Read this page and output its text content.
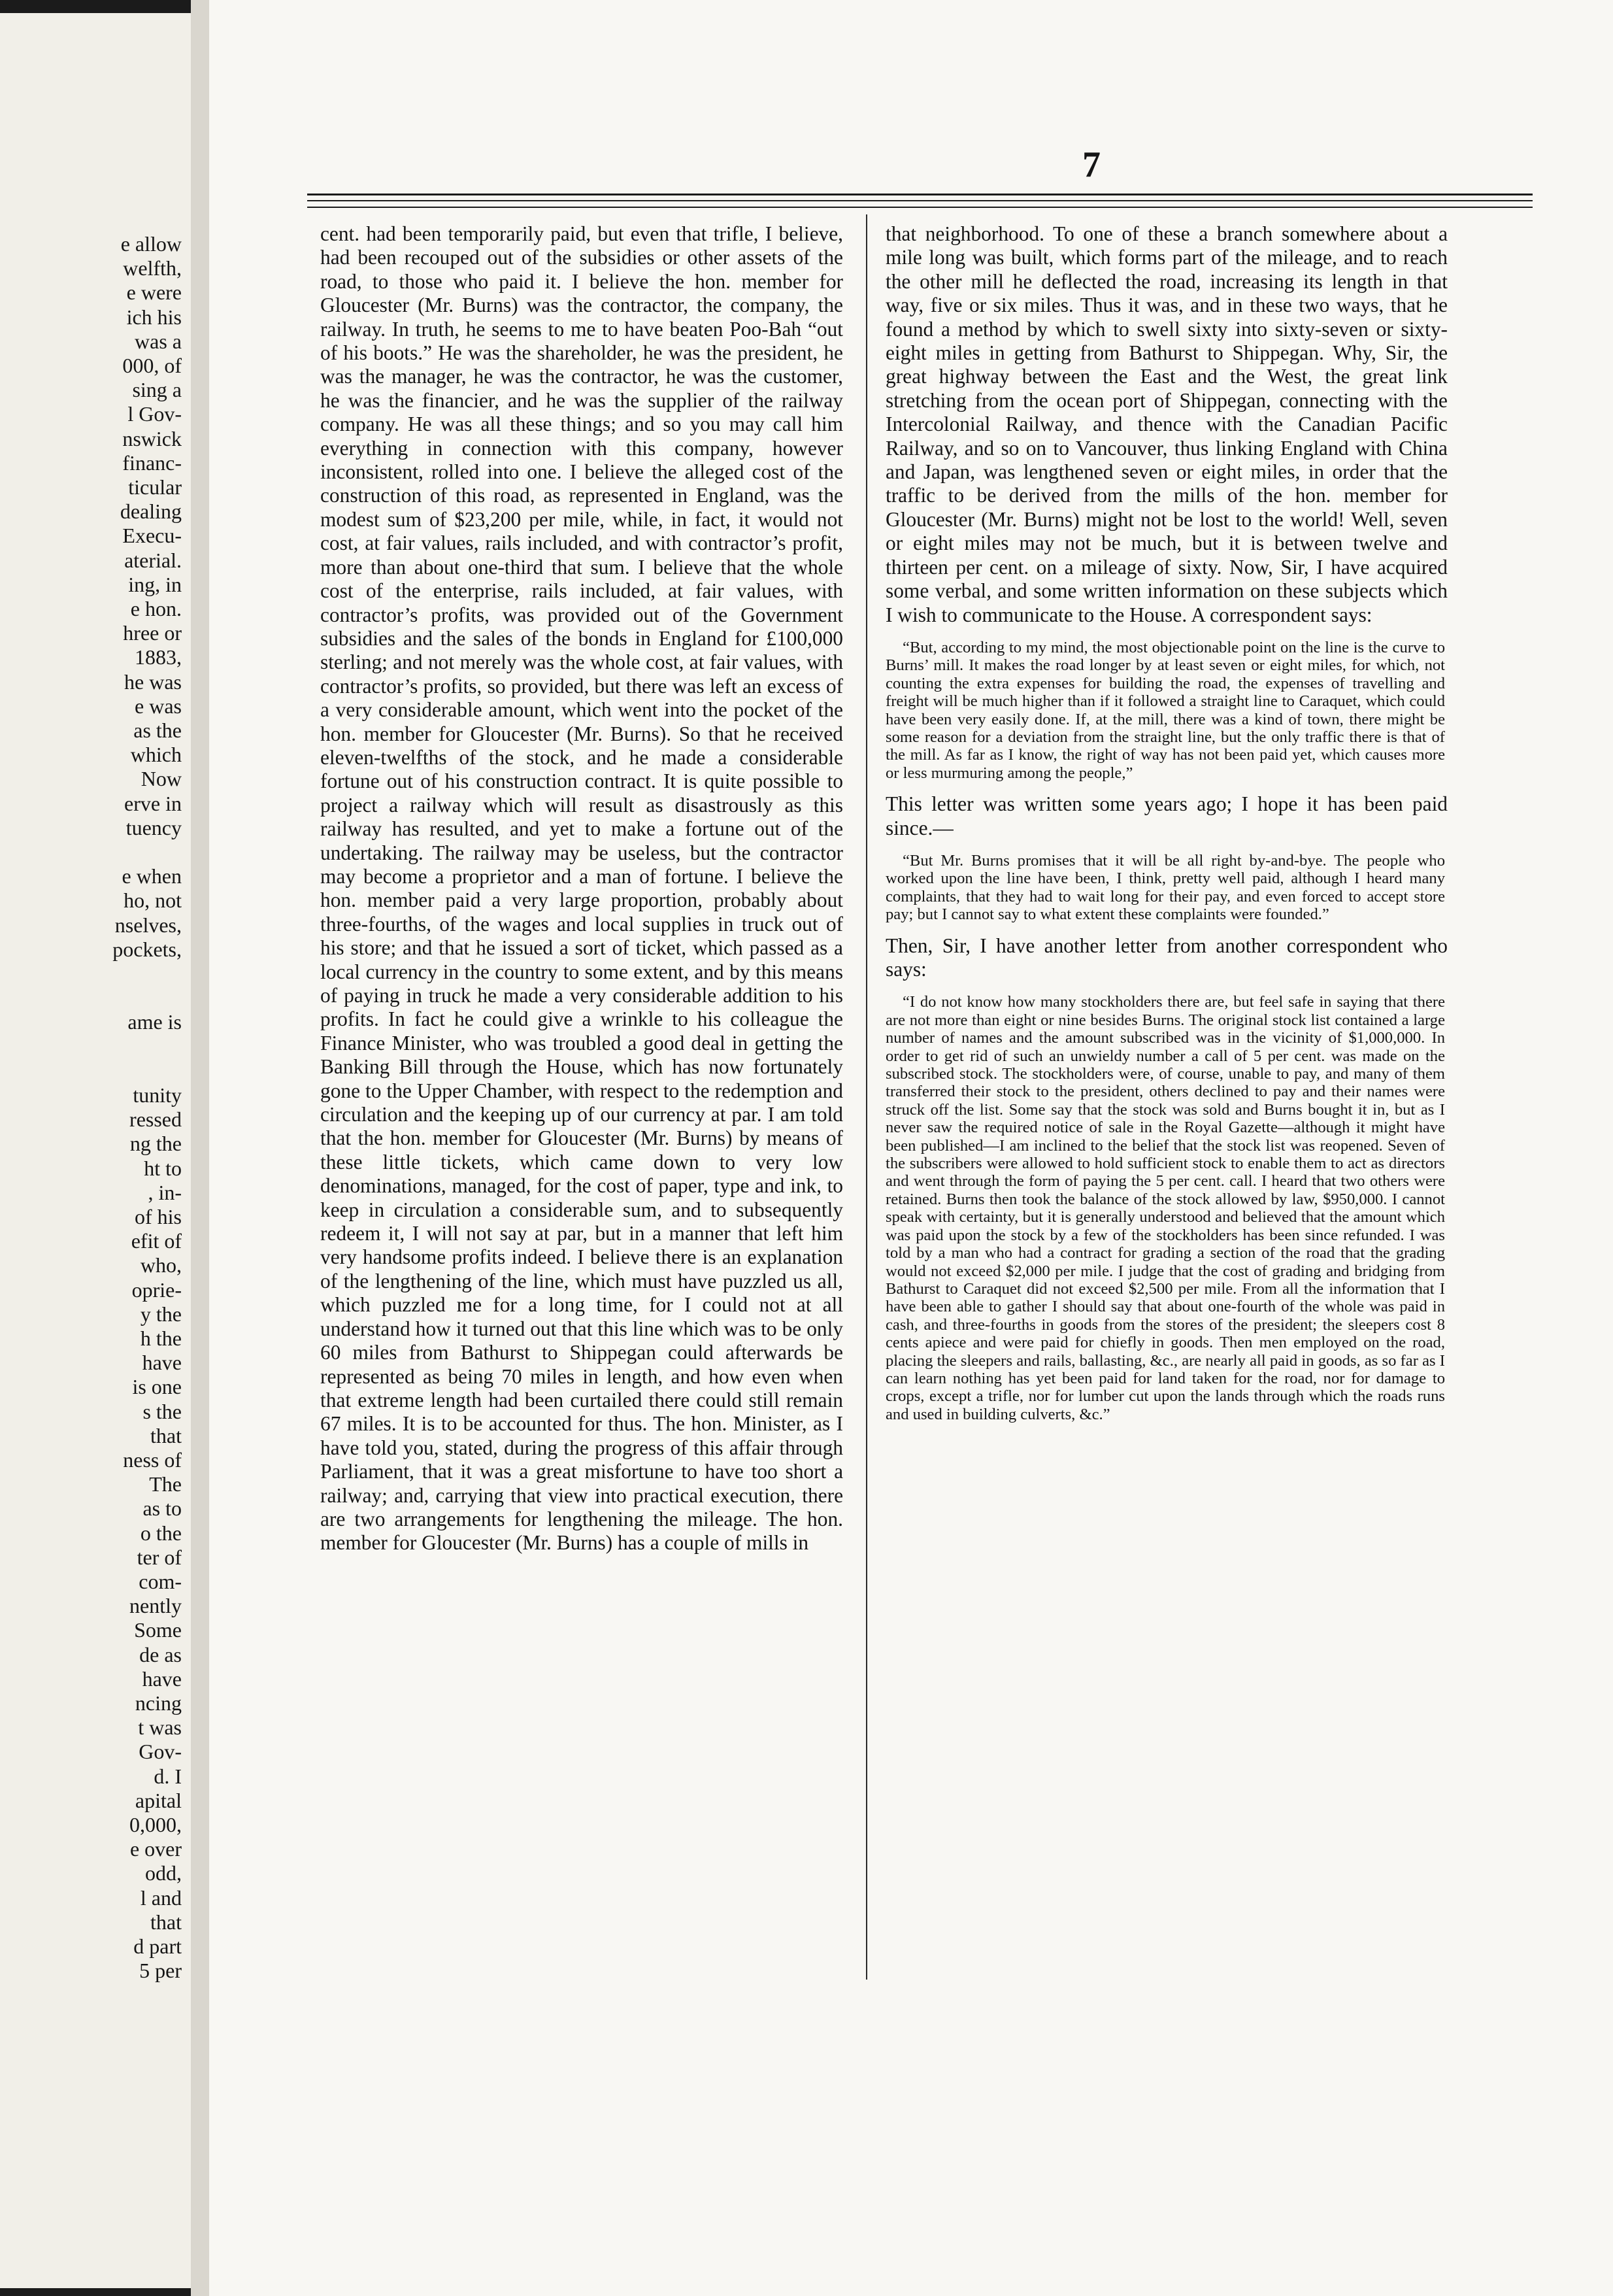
e allow
welfth,
e were
ich his
was a
000, of
sing a
l Gov-
nswick
financ-
ticular
dealing
Execu-
aterial.
ing, in
e hon.
hree or
1883,
he was
e was
as the
which
Now
erve in
tuency
e when
ho, not
nselves,
pockets,
ame is
tunity
ressed
ng the
ht to
, in-
of his
efit of
who,
oprie-
y the
h the
have
is one
s the
that
ness of
The
as to
o the
ter of
com-
nently
Some
de as
have
ncing
t was
Gov-
d. I
apital
0,000,
e over
odd,
l and
that
d part
5 per
7

cent. had been temporarily paid, but even that trifle, I believe, had been recouped out of the subsidies or other assets of the road, to those who paid it. I believe the hon. member for Gloucester (Mr. Burns) was the contractor, the company, the railway. In truth, he seems to me to have beaten Poo-Bah “out of his boots.” He was the shareholder, he was the president, he was the manager, he was the contractor, he was the customer, he was the financier, and he was the supplier of the railway company. He was all these things; and so you may call him everything in connection with this company, however inconsistent, rolled into one. I believe the alleged cost of the construction of this road, as represented in England, was the modest sum of $23,200 per mile, while, in fact, it would not cost, at fair values, rails included, and with contractor’s profit, more than about one-third that sum. I believe that the whole cost of the enterprise, rails included, at fair values, with contractor’s profits, was provided out of the Government subsidies and the sales of the bonds in England for £100,000 sterling; and not merely was the whole cost, at fair values, with contractor’s profits, so provided, but there was left an excess of a very considerable amount, which went into the pocket of the hon. member for Gloucester (Mr. Burns). So that he received eleven-twelfths of the stock, and he made a considerable fortune out of his construction contract. It is quite possible to project a railway which will result as disastrously as this railway has resulted, and yet to make a fortune out of the undertaking. The railway may be useless, but the contractor may become a proprietor and a man of fortune. I believe the hon. member paid a very large proportion, probably about three-fourths, of the wages and local supplies in truck out of his store; and that he issued a sort of ticket, which passed as a local currency in the country to some extent, and by this means of paying in truck he made a very considerable addition to his profits. In fact he could give a wrinkle to his colleague the Finance Minister, who was troubled a good deal in getting the Banking Bill through the House, which has now fortunately gone to the Upper Chamber, with respect to the redemption and circulation and the keeping up of our currency at par. I am told that the hon. member for Gloucester (Mr. Burns) by means of these little tickets, which came down to very low denominations, managed, for the cost of paper, type and ink, to keep in circulation a considerable sum, and to subsequently redeem it, I will not say at par, but in a manner that left him very handsome profits indeed. I believe there is an explanation of the lengthening of the line, which must have puzzled us all, which puzzled me for a long time, for I could not at all understand how it turned out that this line which was to be only 60 miles from Bathurst to Shippegan could afterwards be represented as being 70 miles in length, and how even when that extreme length had been curtailed there could still remain 67 miles. It is to be accounted for thus. The hon. Minister, as I have told you, stated, during the progress of this affair through Parliament, that it was a great misfortune to have too short a railway; and, carrying that view into practical execution, there are two arrangements for lengthening the mileage. The hon. member for Gloucester (Mr. Burns) has a couple of mills in

that neighborhood. To one of these a branch somewhere about a mile long was built, which forms part of the mileage, and to reach the other mill he deflected the road, increasing its length in that way, five or six miles. Thus it was, and in these two ways, that he found a method by which to swell sixty into sixty-seven or sixty-eight miles in getting from Bathurst to Shippegan. Why, Sir, the great highway between the East and the West, the great link stretching from the ocean port of Shippegan, connecting with the Intercolonial Railway, and thence with the Canadian Pacific Railway, and so on to Vancouver, thus linking England with China and Japan, was lengthened seven or eight miles, in order that the traffic to be derived from the mills of the hon. member for Gloucester (Mr. Burns) might not be lost to the world! Well, seven or eight miles may not be much, but it is between twelve and thirteen per cent. on a mileage of sixty. Now, Sir, I have acquired some verbal, and some written information on these subjects which I wish to communicate to the House. A correspondent says:

“But, according to my mind, the most objectionable point on the line is the curve to Burns’ mill. It makes the road longer by at least seven or eight miles, for which, not counting the extra expenses for building the road, the expenses of travelling and freight will be much higher than if it followed a straight line to Caraquet, which could have been very easily done. If, at the mill, there was a kind of town, there might be some reason for a deviation from the straight line, but the only traffic there is that of the mill. As far as I know, the right of way has not been paid yet, which causes more or less murmuring among the people,”

This letter was written some years ago; I hope it has been paid since.—

“But Mr. Burns promises that it will be all right by-and-bye. The people who worked upon the line have been, I think, pretty well paid, although I heard many complaints, that they had to wait long for their pay, and even forced to accept store pay; but I cannot say to what extent these complaints were founded.”

Then, Sir, I have another letter from another correspondent who says:

“I do not know how many stockholders there are, but feel safe in saying that there are not more than eight or nine besides Burns. The original stock list contained a large number of names and the amount subscribed was in the vicinity of $1,000,000. In order to get rid of such an unwieldy number a call of 5 per cent. was made on the subscribed stock. The stockholders were, of course, unable to pay, and many of them transferred their stock to the president, others declined to pay and their names were struck off the list. Some say that the stock was sold and Burns bought it in, but as I never saw the required notice of sale in the Royal Gazette—although it might have been published—I am inclined to the belief that the stock list was reopened. Seven of the subscribers were allowed to hold sufficient stock to enable them to act as directors and went through the form of paying the 5 per cent. call. I heard that two others were retained. Burns then took the balance of the stock allowed by law, $950,000. I cannot speak with certainty, but it is generally understood and believed that the amount which was paid upon the stock by a few of the stockholders has been since refunded. I was told by a man who had a contract for grading a section of the road that the grading would not exceed $2,000 per mile. I judge that the cost of grading and bridging from Bathurst to Caraquet did not exceed $2,500 per mile. From all the information that I have been able to gather I should say that about one-fourth of the whole was paid in cash, and three-fourths in goods from the stores of the president; the sleepers cost 8 cents apiece and were paid for chiefly in goods. Then men employed on the road, placing the sleepers and rails, ballasting, &c., are nearly all paid in goods, as so far as I can learn nothing has yet been paid for land taken for the road, nor for damage to crops, except a trifle, nor for lumber cut upon the lands through which the roads runs and used in building culverts, &c.”
